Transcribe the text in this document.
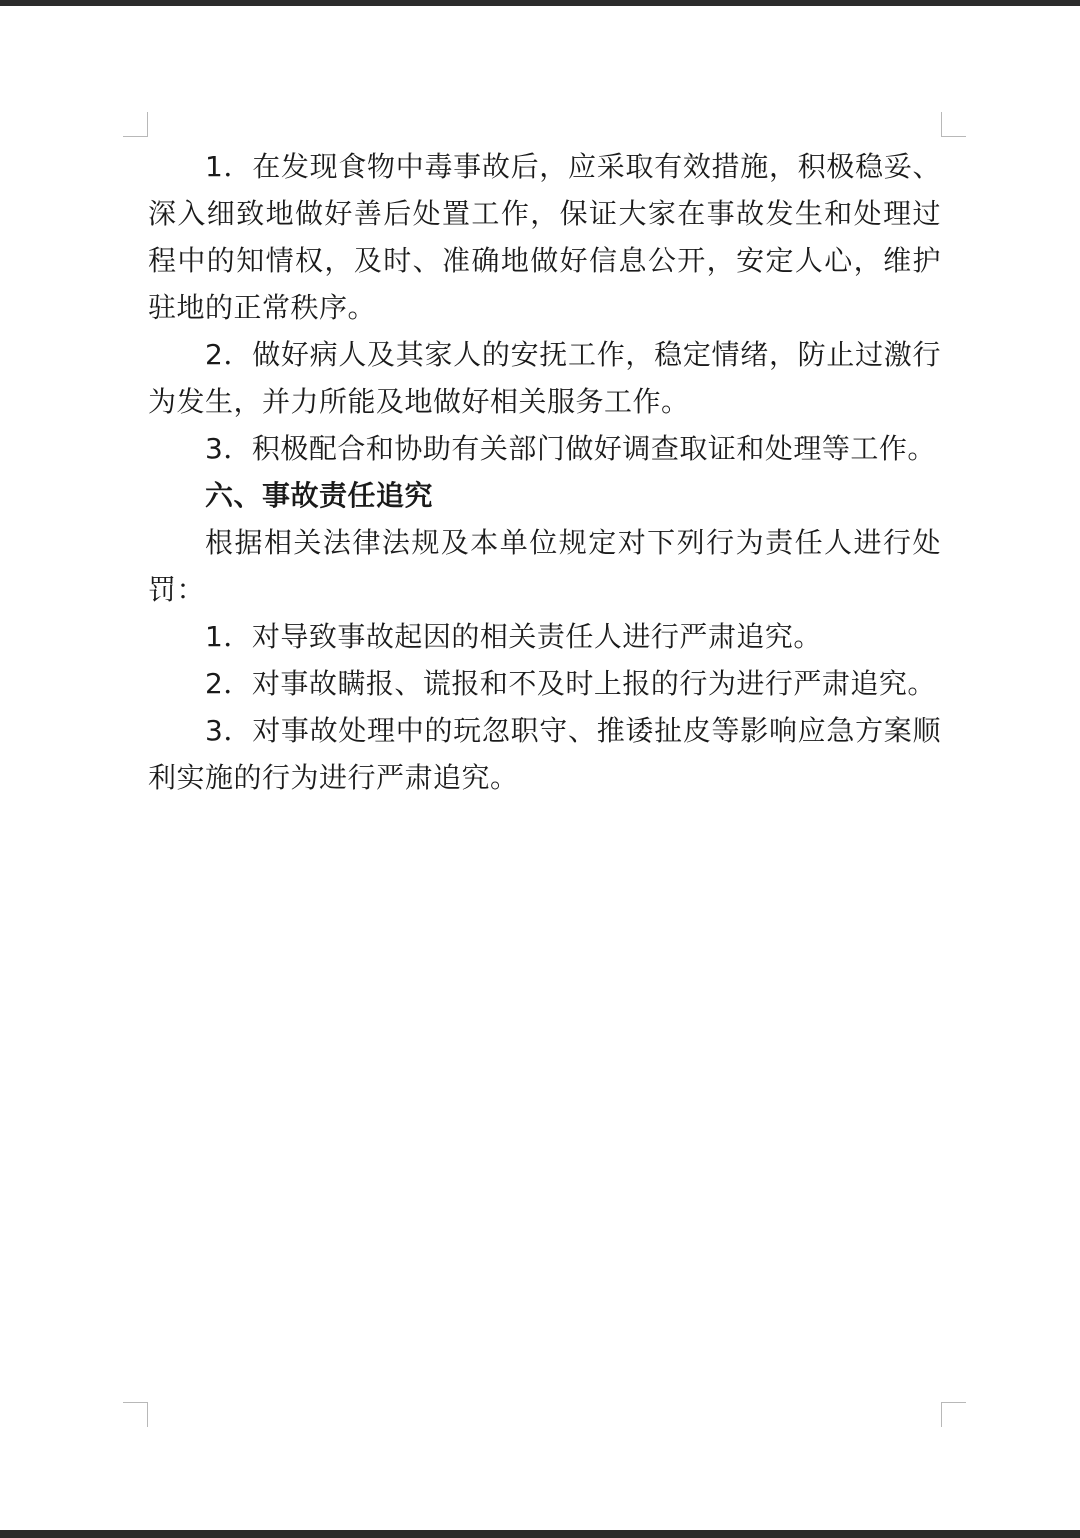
1．在发现食物中毒事故后，应采取有效措施，积极稳妥、深入细致地做好善后处置工作，保证大家在事故发生和处理过程中的知情权，及时、准确地做好信息公开，安定人心，维护驻地的正常秩序。

2．做好病人及其家人的安抚工作，稳定情绪，防止过激行为发生，并力所能及地做好相关服务工作。

3．积极配合和协助有关部门做好调查取证和处理等工作。

六、事故责任追究

根据相关法律法规及本单位规定对下列行为责任人进行处罚：

1．对导致事故起因的相关责任人进行严肃追究。

2．对事故瞒报、谎报和不及时上报的行为进行严肃追究。

3．对事故处理中的玩忽职守、推诿扯皮等影响应急方案顺利实施的行为进行严肃追究。
